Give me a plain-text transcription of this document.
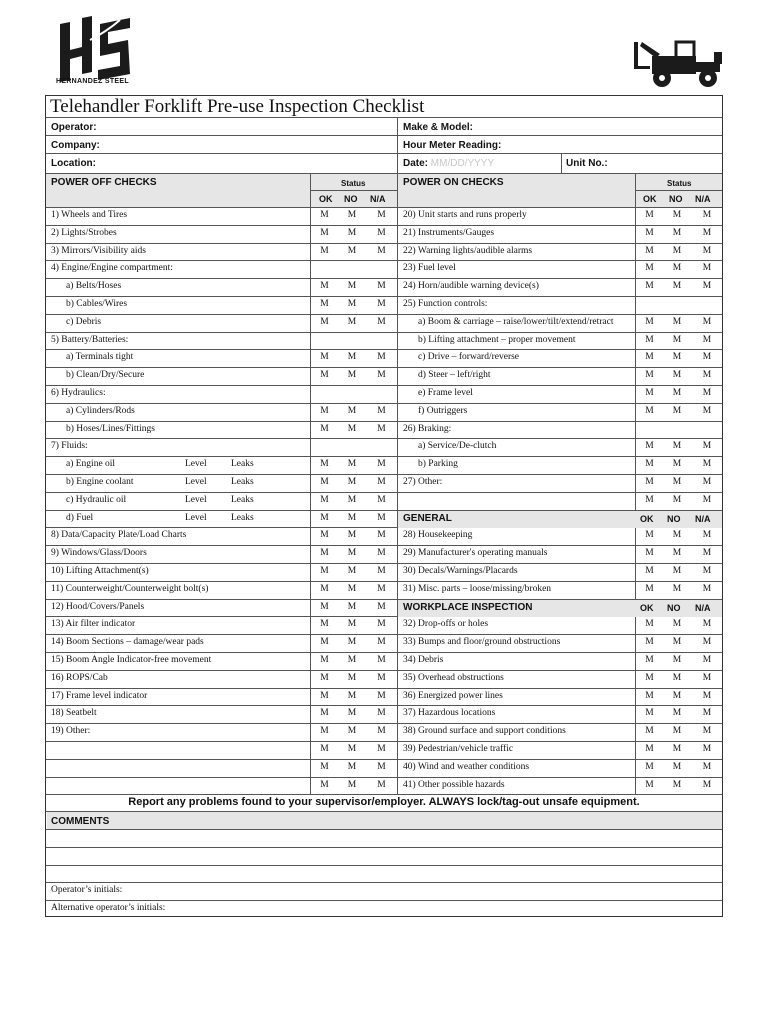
HERNANDEZ STEEL
Telehandler Forklift Pre-use Inspection Checklist
1) Wheels and Tires	M	M	M
2) Lights/Strobes	M	M	M
3) Mirrors/Visibility aids	M	M	M
4) Engine/Engine compartment:
a) Belts/Hoses	M	M	M
b) Cables/Wires	M	M	M
c) Debris	M	M	M
5) Battery/Batteries:
a) Terminals tight	M	M	M
b) Clean/Dry/Secure	M	M	M
6) Hydraulics:
a) Cylinders/Rods	M	M	M
b) Hoses/Lines/Fittings	M	M	M
7) Fluids:
a) Engine oil	Level	Leaks	M	M	M
b) Engine coolant	Level	Leaks	M	M	M
c) Hydraulic oil	Level	Leaks	M	M	M
d) Fuel	Level	Leaks	M	M	M
8) Data/Capacity Plate/Load Charts	M	M	M
9) Windows/Glass/Doors	M	M	M
10) Lifting Attachment(s)	M	M	M
11) Counterweight/Counterweight bolt(s)	M	M	M
12) Hood/Covers/Panels	M	M	M
13) Air filter indicator	M	M	M
14) Boom Sections – damage/wear pads	M	M	M
15) Boom Angle Indicator-free movement	M	M	M
16) ROPS/Cab	M	M	M
17) Frame level indicator	M	M	M
18) Seatbelt	M	M	M
19) Other:	M	M	M
M	M	M
M	M	M
M	M	M
20) Unit starts and runs properly	M	M	M
21) Instruments/Gauges	M	M	M
22) Warning lights/audible alarms	M	M	M
23) Fuel level	M	M	M
24) Horn/audible warning device(s)	M	M	M
25) Function controls:
a) Boom & carriage – raise/lower/tilt/extend/retract	M	M	M
b) Lifting attachment – proper movement	M	M	M
c) Drive – forward/reverse	M	M	M
d) Steer – left/right	M	M	M
e) Frame level	M	M	M
f) Outriggers	M	M	M
26) Braking:
a) Service/De-clutch	M	M	M
b) Parking	M	M	M
27) Other:	M	M	M
M	M	M
GENERAL	OK NO N/A
28) Housekeeping	M	M	M
29) Manufacturer's operating manuals	M	M	M
30) Decals/Warnings/Placards	M	M	M
31) Misc. parts – loose/missing/broken	M	M	M
WORKPLACE INSPECTION	OK NO N/A
32) Drop-offs or holes	M	M	M
33) Bumps and floor/ground obstructions	M	M	M
34) Debris	M	M	M
35) Overhead obstructions	M	M	M
36) Energized power lines	M	M	M
37) Hazardous locations	M	M	M
38) Ground surface and support conditions	M	M	M
39) Pedestrian/vehicle traffic	M	M	M
40) Wind and weather conditions	M	M	M
41) Other possible hazards	M	M	M
Operator:	Make & Model:
Company:	Hour Meter Reading:
Location:	Date: MM/DD/YYYY	Unit No.:
POWER OFF CHECKS	Status
OK NO N/A
POWER ON CHECKS	Status
OK NO N/A
Report any problems found to your supervisor/employer. ALWAYS lock/tag-out unsafe equipment.
COMMENTS
Operator’s initials:
Alternative operator’s initials:
